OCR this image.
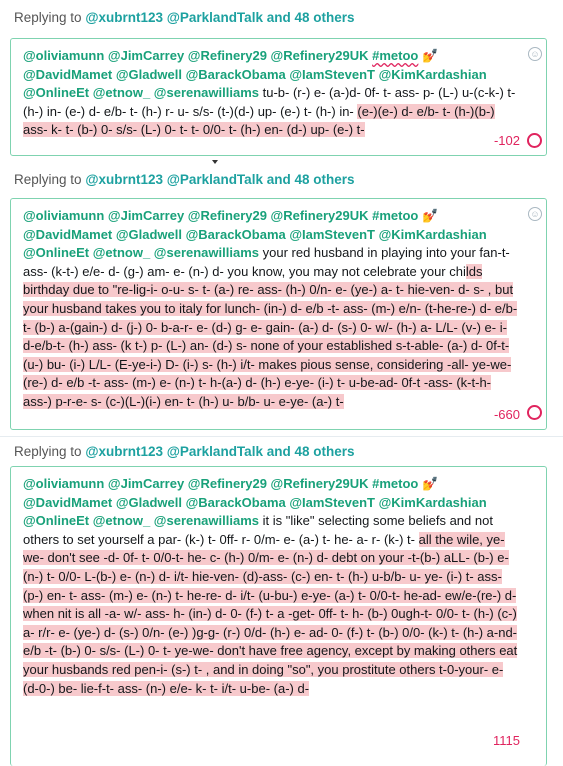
Replying to @xubrnt123 @ParklandTalk and 48 others
@oliviamunn @JimCarrey @Refinery29 @Refinery29UK #metoo 💅 @DavidMamet @Gladwell @BarackObama @IamStevenT @KimKardashian @OnlineEt @etnow_ @serenawilliams tu-b- (r-) e- (a-)d- 0f- t- ass- p- (L-) u-(c-k-) t- (h-) in- (e-) d- e/b- t- (h-) r- u- s/s- (t-)(d-) up- (e-) t- (h-) in- (e-)(e-) d- e/b- t- (h-)(b-) ass- k- t- (b-) 0- s/s- (L-) 0- t- t- 0/0- t- (h-) en- (d-) up- (e-) t-
☺
-102
Replying to @xubrnt123 @ParklandTalk and 48 others
@oliviamunn @JimCarrey @Refinery29 @Refinery29UK #metoo 💅 @DavidMamet @Gladwell @BarackObama @IamStevenT @KimKardashian @OnlineEt @etnow_ @serenawilliams your red husband in playing into your fan-t- ass- (k-t-) e/e- d- (g-) am- e- (n-) d- you know, you may not celebrate your childs birthday due to "re-lig-i- o-u- s- t- (a-) re- ass- (h-) 0/n- e- (ye-) a- t- hie-ven- d- s- , but your husband takes you to italy for lunch- (in-) d- e/b -t- ass- (m-) e/n- (t-he-re-) d- e/b- t- (b-) a-(gain-) d- (j-) 0- b-a-r- e- (d-) g- e- gain- (a-) d- (s-) 0- w/- (h-) a- L/L- (v-) e- i-d-e/b-t- (h-) ass- (k t-) p- (L-) an- (d-) s- none of your established s-t-able- (a-) d- 0f-t- (u-) bu- (i-) L/L- (E-ye-i-) D- (i-) s- (h-) i/t- makes pious sense, considering -all- ye-we- (re-) d- e/b -t- ass- (m-) e- (n-) t- h-(a-) d- (h-) e-ye- (i-) t- u-be-ad- 0f-t -ass- (k-t-h-ass-) p-r-e- s- (c-)(L-)(i-) en- t- (h-) u- b/b- u- e-ye- (a-) t-
☺
-660
Replying to @xubrnt123 @ParklandTalk and 48 others
@oliviamunn @JimCarrey @Refinery29 @Refinery29UK #metoo 💅 @DavidMamet @Gladwell @BarackObama @IamStevenT @KimKardashian @OnlineEt @etnow_ @serenawilliams it is "like" selecting some beliefs and not others to set yourself a par- (k-) t- 0ff- r- 0/m- e- (a-) t- he- a- r- (k-) t- all the wile, ye-we- don't see -d- 0f- t- 0/0-t- he- c- (h-) 0/m- e- (n-) d- debt on your -t-(b-) aLL- (b-) e- (n-) t- 0/0- L-(b-) e- (n-) d- i/t- hie-ven- (d)-ass- (c-) en- t- (h-) u-b/b- u- ye- (i-) t- ass- (p-) en- t- ass- (m-) e- (n-) t- he-re- d- i/t- (u-bu-) e-ye- (a-) t- 0/0-t- he-ad- ew/e-(re-) d- when nit is all -a- w/- ass- h- (in-) d- 0- (f-) t- a -get- 0ff- t- h- (b-) 0ugh-t- 0/0- t- (h-) (c-) a- r/r- e- (ye-) d- (s-) 0/n- (e-) )g-g- (r-) 0/d- (h-) e- ad- 0- (f-) t- (b-) 0/0- (k-) t- (h-) a-nd- e/b -t- (b-) 0- s/s- (L-) 0- t- ye-we- don't have free agency, except by making others eat your husbands red pen-i- (s-) t- , and in doing "so", you prostitute others t-0-your- e- (d-0-) be- lie-f-t- ass- (n-) e/e- k- t- i/t- u-be- (a-) d-
1115
